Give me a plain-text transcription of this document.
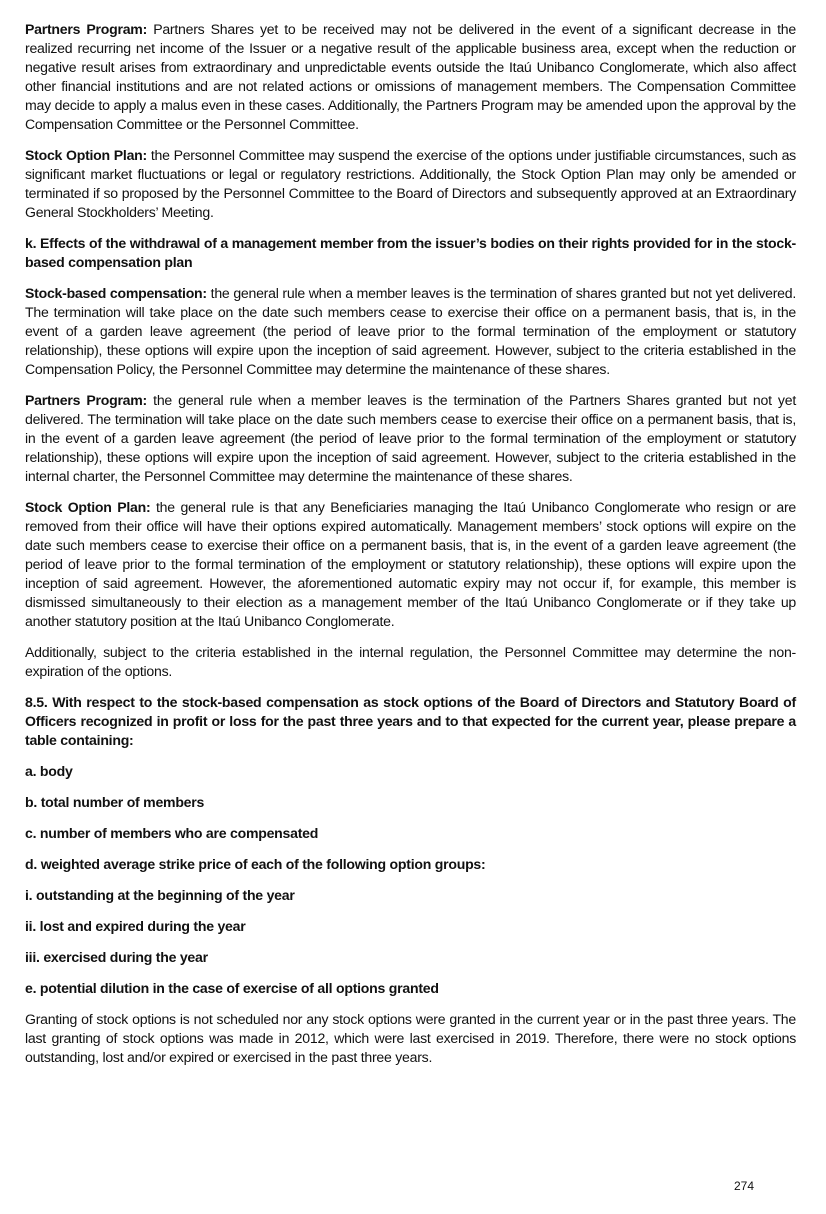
Partners Program: Partners Shares yet to be received may not be delivered in the event of a significant decrease in the realized recurring net income of the Issuer or a negative result of the applicable business area, except when the reduction or negative result arises from extraordinary and unpredictable events outside the Itaú Unibanco Conglomerate, which also affect other financial institutions and are not related actions or omissions of management members. The Compensation Committee may decide to apply a malus even in these cases. Additionally, the Partners Program may be amended upon the approval by the Compensation Committee or the Personnel Committee.

Stock Option Plan: the Personnel Committee may suspend the exercise of the options under justifiable circumstances, such as significant market fluctuations or legal or regulatory restrictions. Additionally, the Stock Option Plan may only be amended or terminated if so proposed by the Personnel Committee to the Board of Directors and subsequently approved at an Extraordinary General Stockholders’ Meeting.

k. Effects of the withdrawal of a management member from the issuer’s bodies on their rights provided for in the stock-based compensation plan

Stock-based compensation: the general rule when a member leaves is the termination of shares granted but not yet delivered. The termination will take place on the date such members cease to exercise their office on a permanent basis, that is, in the event of a garden leave agreement (the period of leave prior to the formal termination of the employment or statutory relationship), these options will expire upon the inception of said agreement. However, subject to the criteria established in the Compensation Policy, the Personnel Committee may determine the maintenance of these shares.

Partners Program: the general rule when a member leaves is the termination of the Partners Shares granted but not yet delivered. The termination will take place on the date such members cease to exercise their office on a permanent basis, that is, in the event of a garden leave agreement (the period of leave prior to the formal termination of the employment or statutory relationship), these options will expire upon the inception of said agreement. However, subject to the criteria established in the internal charter, the Personnel Committee may determine the maintenance of these shares.

Stock Option Plan: the general rule is that any Beneficiaries managing the Itaú Unibanco Conglomerate who resign or are removed from their office will have their options expired automatically. Management members’ stock options will expire on the date such members cease to exercise their office on a permanent basis, that is, in the event of a garden leave agreement (the period of leave prior to the formal termination of the employment or statutory relationship), these options will expire upon the inception of said agreement. However, the aforementioned automatic expiry may not occur if, for example, this member is dismissed simultaneously to their election as a management member of the Itaú Unibanco Conglomerate or if they take up another statutory position at the Itaú Unibanco Conglomerate.

Additionally, subject to the criteria established in the internal regulation, the Personnel Committee may determine the non-expiration of the options.

8.5. With respect to the stock-based compensation as stock options of the Board of Directors and Statutory Board of Officers recognized in profit or loss for the past three years and to that expected for the current year, please prepare a table containing:
a. body
b. total number of members
c. number of members who are compensated
d. weighted average strike price of each of the following option groups:
i. outstanding at the beginning of the year
ii. lost and expired during the year
iii. exercised during the year
e. potential dilution in the case of exercise of all options granted

Granting of stock options is not scheduled nor any stock options were granted in the current year or in the past three years. The last granting of stock options was made in 2012, which were last exercised in 2019. Therefore, there were no stock options outstanding, lost and/or expired or exercised in the past three years.

274
